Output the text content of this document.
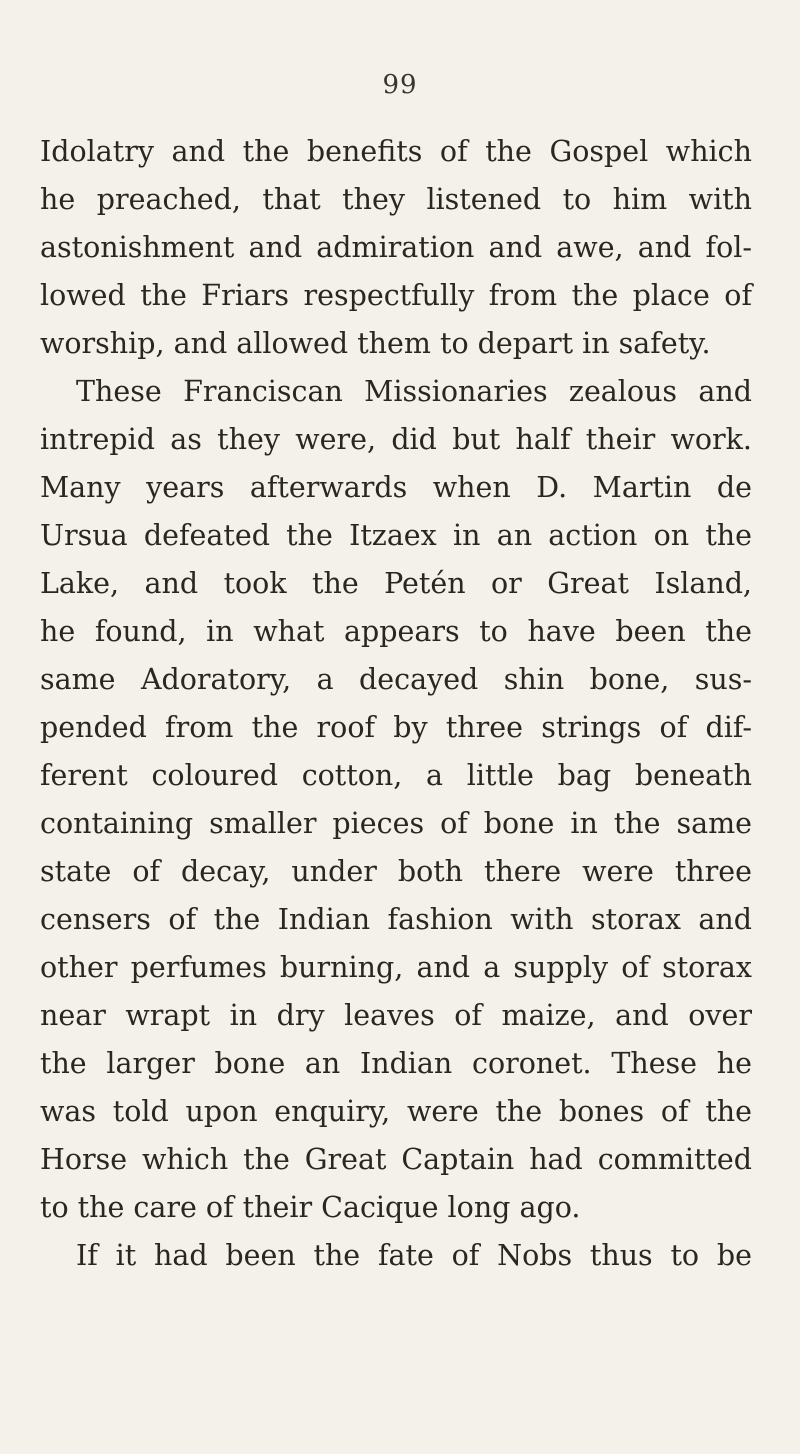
99
Idolatry and the benefits of the Gospel which
he preached, that they listened to him with
astonishment and admiration and awe, and fol-
lowed the Friars respectfully from the place of
worship, and allowed them to depart in safety.
These Franciscan Missionaries zealous and
intrepid as they were, did but half their work.
Many years afterwards when D. Martin de
Ursua defeated the Itzaex in an action on the
Lake, and took the Petén or Great Island,
he found, in what appears to have been the
same Adoratory, a decayed shin bone, sus-
pended from the roof by three strings of dif-
ferent coloured cotton, a little bag beneath
containing smaller pieces of bone in the same
state of decay, under both there were three
censers of the Indian fashion with storax and
other perfumes burning, and a supply of storax
near wrapt in dry leaves of maize, and over
the larger bone an Indian coronet. These he
was told upon enquiry, were the bones of the
Horse which the Great Captain had committed
to the care of their Cacique long ago.
If it had been the fate of Nobs thus to be
